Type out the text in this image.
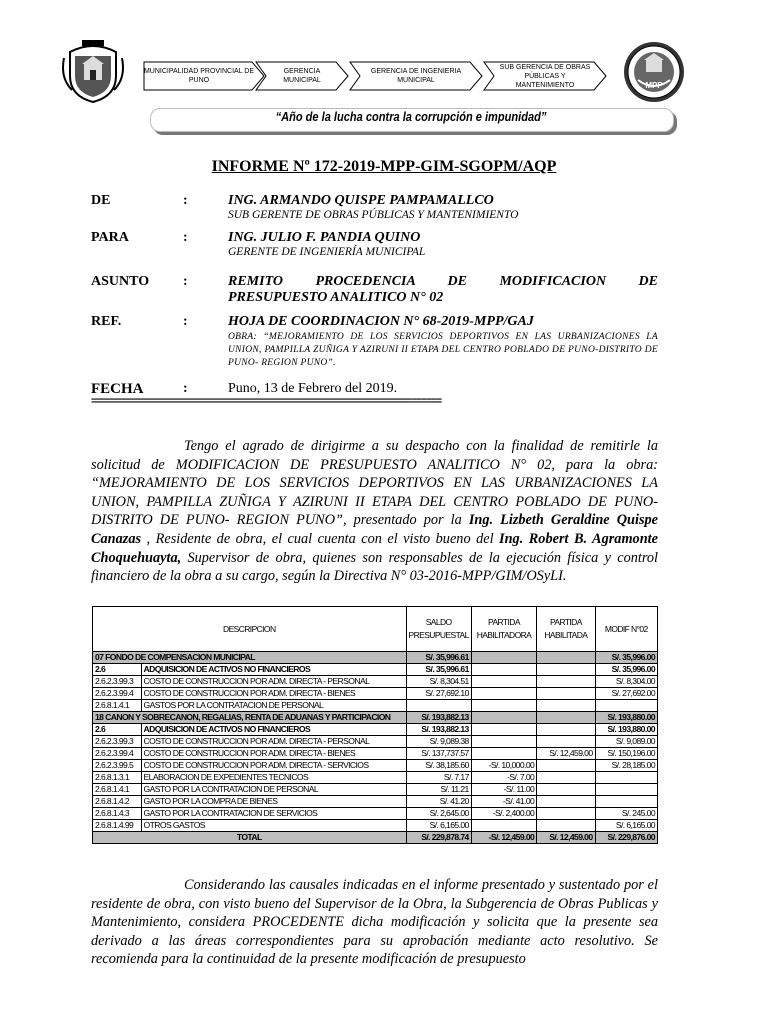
MUNICIPALIDAD PROVINCIAL DE PUNO
GERENCIA MUNICIPAL
GERENCIA DE INGENIERIA MUNICIPAL
SUB GERENCIA DE OBRAS PÚBLICAS Y MANTENIMIENTO	MPP
“Año de la lucha contra la corrupción e impunidad”
INFORME Nº 172-2019-MPP-GIM-SGOPM/AQP
DE	:	ING. ARMANDO QUISPE PAMPAMALLCO
SUB GERENTE DE OBRAS PÚBLICAS Y MANTENIMIENTO
PARA	:	ING. JULIO F. PANDIA QUINO
GERENTE DE INGENIERÍA MUNICIPAL
ASUNTO :	REMITO PROCEDENCIA DE MODIFICACION DE
PRESUPUESTO ANALITICO N° 02
REF.	:	HOJA DE COORDINACION N° 68-2019-MPP/GAJ
OBRA: “MEJORAMIENTO DE LOS SERVICIOS DEPORTIVOS EN LAS URBANIZACIONES LA UNION, PAMPILLA ZUÑIGA Y AZIRUNI II ETAPA DEL CENTRO POBLADO DE PUNO-DISTRITO DE PUNO- REGION PUNO”.
FECHA	:	Puno, 13 de Febrero del 2019.
======================================================================
Tengo el agrado de dirigirme a su despacho con la finalidad de remitirle la solicitud de MODIFICACION DE PRESUPUESTO ANALITICO N° 02, para la obra: “MEJORAMIENTO DE LOS SERVICIOS DEPORTIVOS EN LAS URBANIZACIONES LA UNION, PAMPILLA ZUÑIGA Y AZIRUNI II ETAPA DEL CENTRO POBLADO DE PUNO-DISTRITO DE PUNO- REGION PUNO”, presentado por la Ing. Lizbeth Geraldine Quispe Canazas , Residente de obra, el cual cuenta con el visto bueno del Ing. Robert B. Agramonte Choquehuayta, Supervisor de obra, quienes son responsables de la ejecución física y control financiero de la obra a su cargo, según la Directiva N° 03-2016-MPP/GIM/OSyLI.
DESCRIPCION		SALDO PRESUPUESTAL	PARTIDA HABILITADORA	PARTIDA HABILITADA	MODIF N°02
07 FONDO DE COMPENSACION MUNICIPAL		S/. 35,996.61			S/. 35,996.00
2.6	ADQUISICION DE ACTIVOS NO FINANCIEROS	S/. 35,996.61			S/. 35,996.00
2.6.2.3.99.3	COSTO DE CONSTRUCCION POR ADM. DIRECTA - PERSONAL	S/. 8,304.51			S/. 8,304.00
2.6.2.3.99.4	COSTO DE CONSTRUCCION POR ADM. DIRECTA - BIENES	S/. 27,692.10			S/. 27,692.00
2.6.8.1.4.1	GASTOS POR LA CONTRATACION DE PERSONAL				
18 CANON Y SOBRECANON, REGALIAS, RENTA DE ADUANAS Y PARTICIPACION		S/. 193,882.13			S/. 193,880.00
2.6	ADQUISICION DE ACTIVOS NO FINANCIEROS	S/. 193,882.13			S/. 193,880.00
2.6.2.3.99.3	COSTO DE CONSTRUCCION POR ADM. DIRECTA - PERSONAL	S/. 9,089.38			S/. 9,089.00
2.6.2.3.99.4	COSTO DE CONSTRUCCION POR ADM. DIRECTA - BIENES	S/. 137,737.57		S/. 12,459.00	S/. 150,196.00
2.6.2.3.99.5	COSTO DE CONSTRUCCION POR ADM. DIRECTA - SERVICIOS	S/. 38,185.60	-S/. 10,000.00		S/. 28,185.00
2.6.8.1.3.1	ELABORACION DE EXPEDIENTES TECNICOS	S/. 7.17	-S/. 7.00		
2.6.8.1.4.1	GASTO POR LA CONTRATACION DE PERSONAL	S/. 11.21	-S/. 11.00		
2.6.8.1.4.2	GASTO POR LA COMPRA DE BIENES	S/. 41.20	-S/. 41.00		
2.6.8.1.4.3	GASTO POR LA CONTRATACION DE SERVICIOS	S/. 2,645.00	-S/. 2,400.00		S/. 245.00
2.6.8.1.4.99	OTROS GASTOS	S/. 6,165.00			S/. 6,165.00
TOTAL		S/. 229,878.74	-S/. 12,459.00	S/. 12,459.00	S/. 229,876.00
Considerando las causales indicadas en el informe presentado y sustentado por el residente de obra, con visto bueno del Supervisor de la Obra, la Subgerencia de Obras Publicas y Mantenimiento, considera PROCEDENTE dicha modificación y solicita que la presente sea derivado a las áreas correspondientes para su aprobación mediante acto resolutivo. Se recomienda para la continuidad de la presente modificación de presupuesto
